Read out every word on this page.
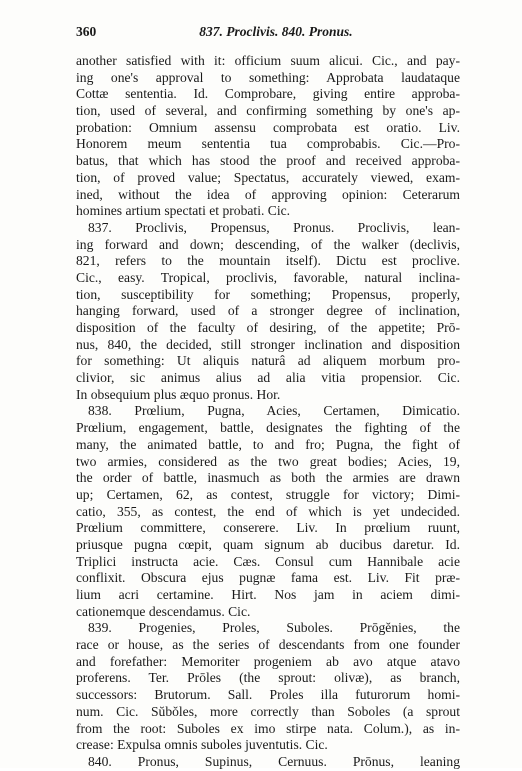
360	837. Proclivis. 840. Pronus.
another satisfied with it: officium suum alicui. Cic., and pay-
ing one's approval to something: Approbata laudataque
Cottæ sententia. Id. Comprobare, giving entire approba-
tion, used of several, and confirming something by one's ap-
probation: Omnium assensu comprobata est oratio. Liv.
Honorem meum sententia tua comprobabis. Cic.—Pro-
batus, that which has stood the proof and received approba-
tion, of proved value; Spectatus, accurately viewed, exam-
ined, without the idea of approving opinion: Ceterarum
homines artium spectati et probati. Cic.
837. Proclivis, Propensus, Pronus. Proclivis, lean-
ing forward and down; descending, of the walker (declivis,
821, refers to the mountain itself). Dictu est proclive.
Cic., easy. Tropical, proclivis, favorable, natural inclina-
tion, susceptibility for something; Propensus, properly,
hanging forward, used of a stronger degree of inclination,
disposition of the faculty of desiring, of the appetite; Prō-
nus, 840, the decided, still stronger inclination and disposition
for something: Ut aliquis naturâ ad aliquem morbum pro-
clivior, sic animus alius ad alia vitia propensior. Cic.
In obsequium plus æquo pronus. Hor.
838. Prœlium, Pugna, Acies, Certamen, Dimicatio.
Prœlium, engagement, battle, designates the fighting of the
many, the animated battle, to and fro; Pugna, the fight of
two armies, considered as the two great bodies; Acies, 19,
the order of battle, inasmuch as both the armies are drawn
up; Certamen, 62, as contest, struggle for victory; Dimi-
catio, 355, as contest, the end of which is yet undecided.
Prœlium committere, conserere. Liv. In prœlium ruunt,
priusque pugna cœpit, quam signum ab ducibus daretur. Id.
Triplici instructa acie. Cæs. Consul cum Hannibale acie
conflixit. Obscura ejus pugnæ fama est. Liv. Fit præ-
lium acri certamine. Hirt. Nos jam in aciem dimi-
cationemque descendamus. Cic.
839. Progenies, Proles, Suboles. Prōgĕnies, the
race or house, as the series of descendants from one founder
and forefather: Memoriter progeniem ab avo atque atavo
proferens. Ter. Prōles (the sprout: olivæ), as branch,
successors: Brutorum. Sall. Proles illa futurorum homi-
num. Cic. Sŭbŏles, more correctly than Soboles (a sprout
from the root: Suboles ex imo stirpe nata. Colum.), as in-
crease: Expulsa omnis suboles juventutis. Cic.
840. Pronus, Supinus, Cernuus. Prōnus, leaning
